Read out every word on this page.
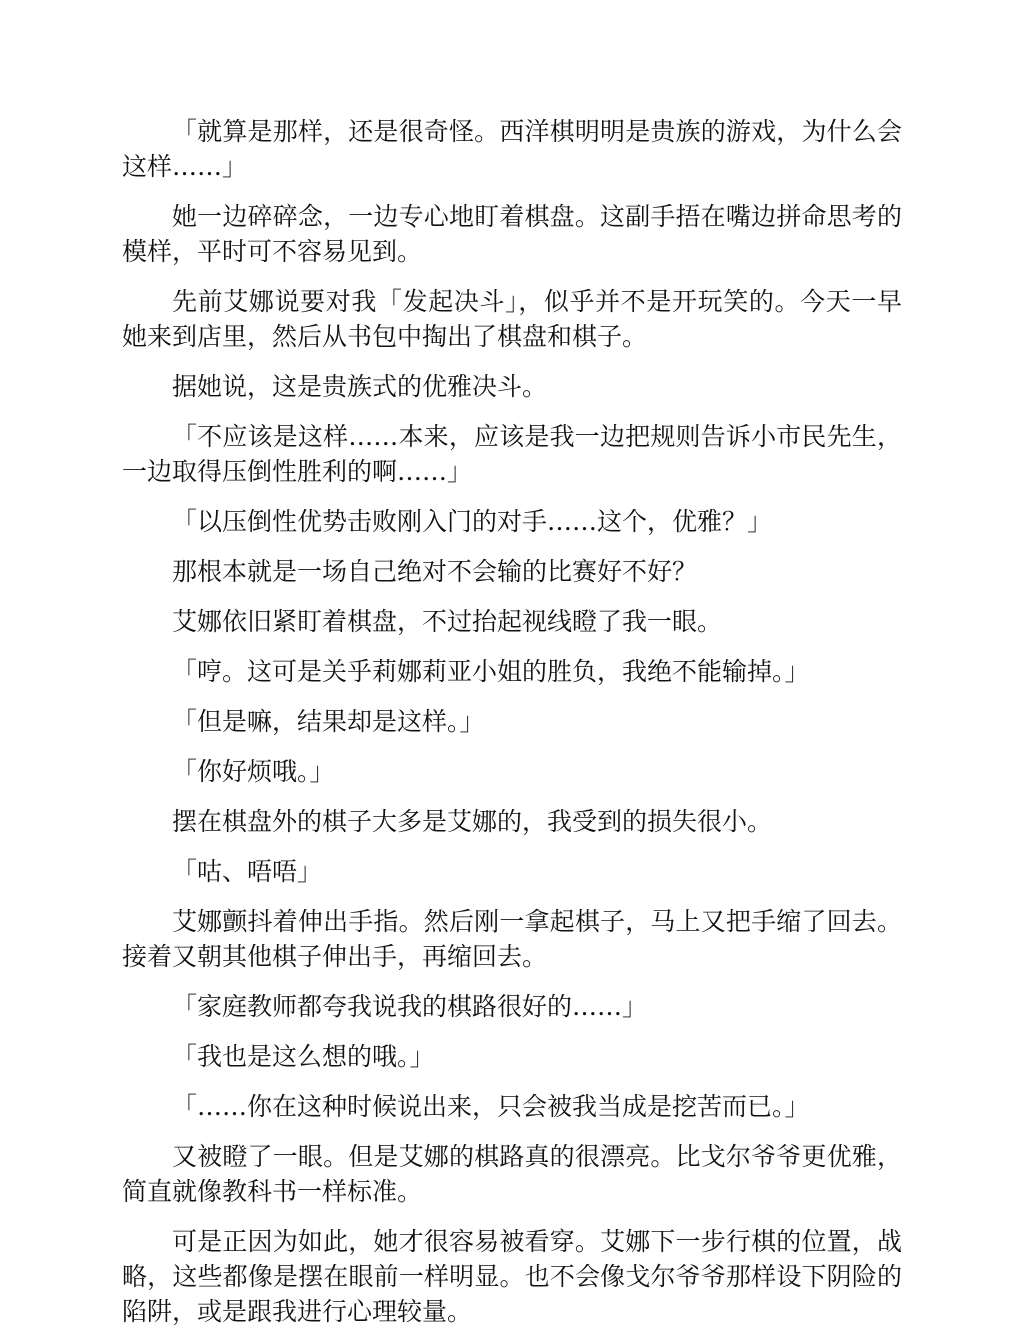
「就算是那样，还是很奇怪。西洋棋明明是贵族的游戏，为什么会这样……」

她一边碎碎念，一边专心地盯着棋盘。这副手捂在嘴边拼命思考的模样，平时可不容易见到。

先前艾娜说要对我「发起决斗」，似乎并不是开玩笑的。今天一早她来到店里，然后从书包中掏出了棋盘和棋子。

据她说，这是贵族式的优雅决斗。

「不应该是这样……本来，应该是我一边把规则告诉小市民先生，一边取得压倒性胜利的啊……」

「以压倒性优势击败刚入门的对手……这个，优雅？」

那根本就是一场自己绝对不会输的比赛好不好？

艾娜依旧紧盯着棋盘，不过抬起视线瞪了我一眼。

「哼。这可是关乎莉娜莉亚小姐的胜负，我绝不能输掉。」

「但是嘛，结果却是这样。」

「你好烦哦。」

摆在棋盘外的棋子大多是艾娜的，我受到的损失很小。

「咕、唔唔」

艾娜颤抖着伸出手指。然后刚一拿起棋子，马上又把手缩了回去。接着又朝其他棋子伸出手，再缩回去。

「家庭教师都夸我说我的棋路很好的……」

「我也是这么想的哦。」

「……你在这种时候说出来，只会被我当成是挖苦而已。」

又被瞪了一眼。但是艾娜的棋路真的很漂亮。比戈尔爷爷更优雅，简直就像教科书一样标准。

可是正因为如此，她才很容易被看穿。艾娜下一步行棋的位置，战略，这些都像是摆在眼前一样明显。也不会像戈尔爷爷那样设下阴险的陷阱，或是跟我进行心理较量。
